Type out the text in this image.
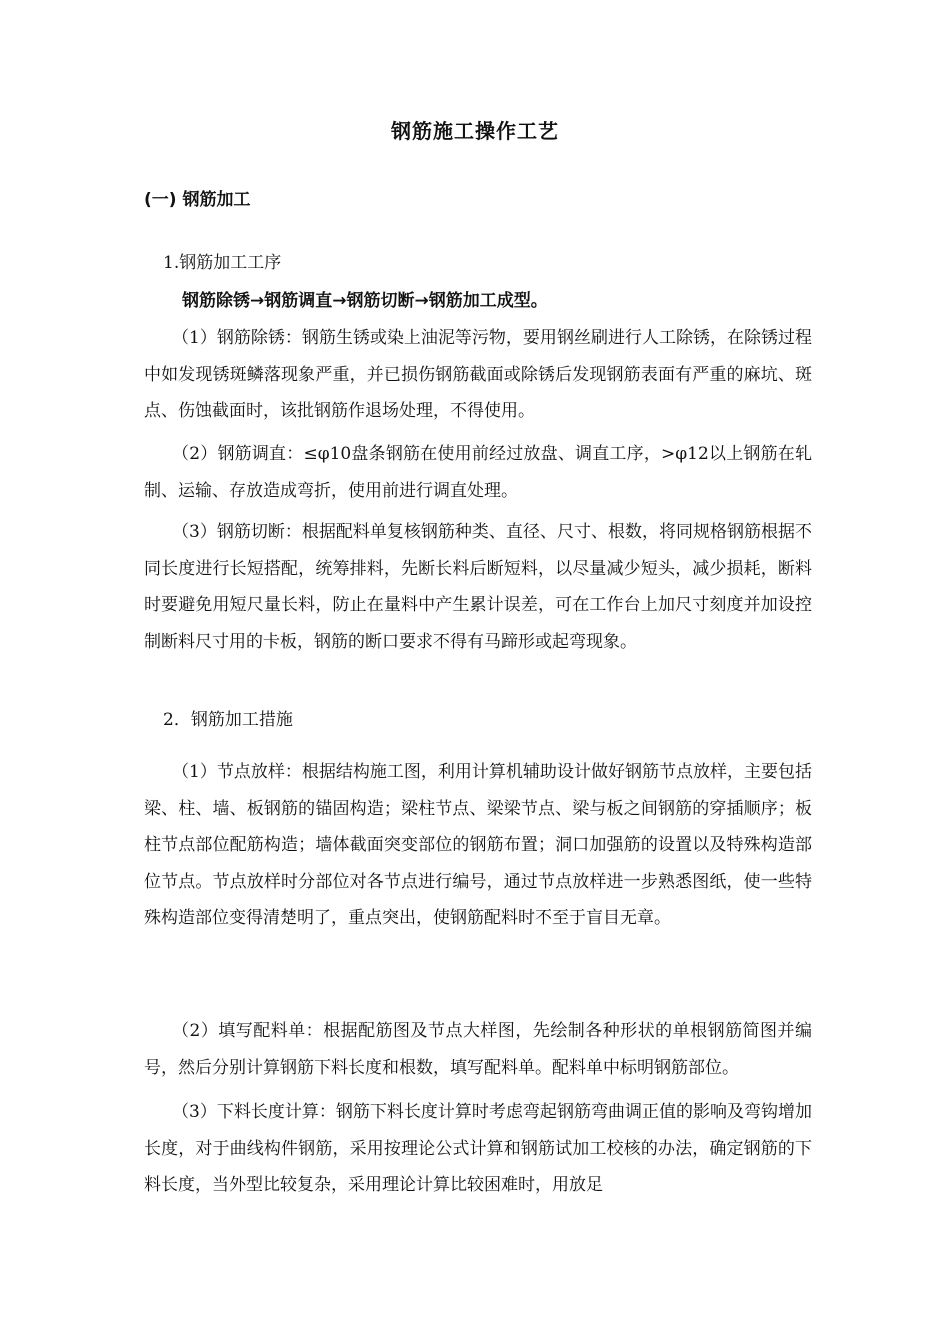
钢筋施工操作工艺
(一) 钢筋加工
1.钢筋加工工序
钢筋除锈→钢筋调直→钢筋切断→钢筋加工成型。

（1）钢筋除锈：钢筋生锈或染上油泥等污物，要用钢丝刷进行人工除锈，在除锈过程中如发现锈斑鳞落现象严重，并已损伤钢筋截面或除锈后发现钢筋表面有严重的麻坑、斑点、伤蚀截面时，该批钢筋作退场处理，不得使用。

（2）钢筋调直：≤φ10盘条钢筋在使用前经过放盘、调直工序，>φ12以上钢筋在轧制、运输、存放造成弯折，使用前进行调直处理。

（3）钢筋切断：根据配料单复核钢筋种类、直径、尺寸、根数，将同规格钢筋根据不同长度进行长短搭配，统筹排料，先断长料后断短料，以尽量减少短头，减少损耗，断料时要避免用短尺量长料，防止在量料中产生累计误差，可在工作台上加尺寸刻度并加设控制断料尺寸用的卡板，钢筋的断口要求不得有马蹄形或起弯现象。

2．钢筋加工措施

（1）节点放样：根据结构施工图，利用计算机辅助设计做好钢筋节点放样，主要包括梁、柱、墙、板钢筋的锚固构造；梁柱节点、梁梁节点、梁与板之间钢筋的穿插顺序；板柱节点部位配筋构造；墙体截面突变部位的钢筋布置；洞口加强筋的设置以及特殊构造部位节点。节点放样时分部位对各节点进行编号，通过节点放样进一步熟悉图纸，使一些特殊构造部位变得清楚明了，重点突出，使钢筋配料时不至于盲目无章。

（2）填写配料单：根据配筋图及节点大样图，先绘制各种形状的单根钢筋简图并编号，然后分别计算钢筋下料长度和根数，填写配料单。配料单中标明钢筋部位。

（3）下料长度计算：钢筋下料长度计算时考虑弯起钢筋弯曲调正值的影响及弯钩增加长度，对于曲线构件钢筋，采用按理论公式计算和钢筋试加工校核的办法，确定钢筋的下料长度，当外型比较复杂，采用理论计算比较困难时，用放足
